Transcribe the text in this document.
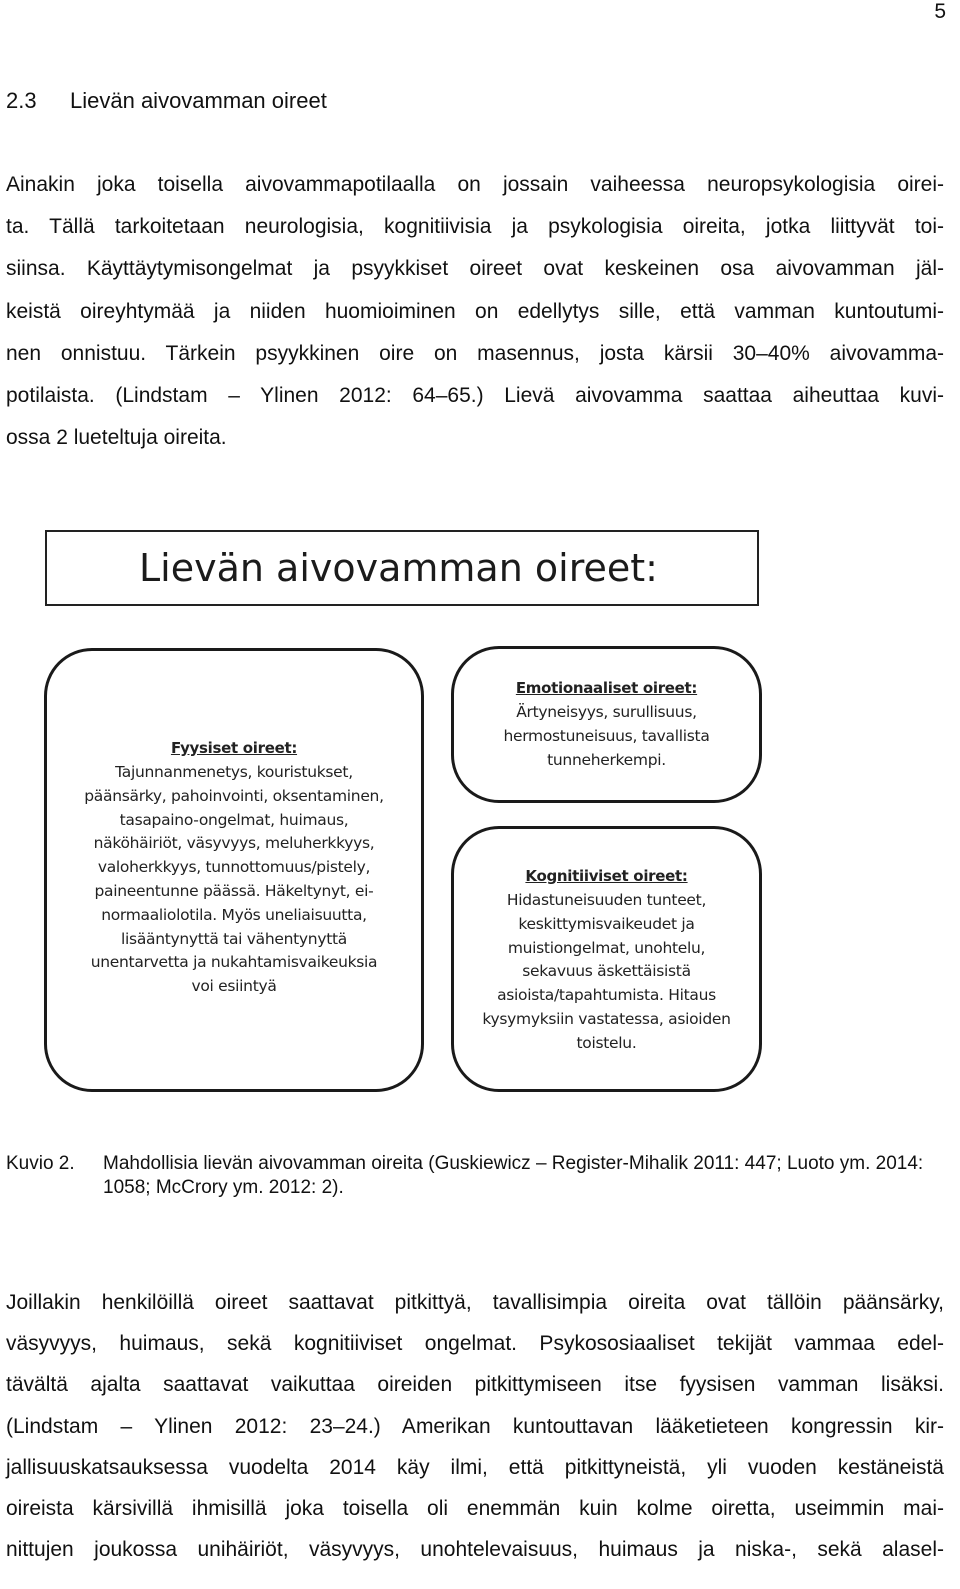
5
2.3 Lievän aivovamman oireet

Ainakin joka toisella aivovammapotilaalla on jossain vaiheessa neuropsykologisia oirei-
ta. Tällä tarkoitetaan neurologisia, kognitiivisia ja psykologisia oireita, jotka liittyvät toi-
siinsa. Käyttäytymisongelmat ja psyykkiset oireet ovat keskeinen osa aivovamman jäl-
keistä oireyhtymää ja niiden huomioiminen on edellytys sille, että vamman kuntoutumi-
nen onnistuu. Tärkein psyykkinen oire on masennus, josta kärsii 30–40% aivovamma-
potilaista. (Lindstam – Ylinen 2012: 64–65.) Lievä aivovamma saattaa aiheuttaa kuvi-
ossa 2 lueteltuja oireita.

Lievän aivovamman oireet:
Fyysiset oireet:
Tajunnanmenetys, kouristukset,
päänsärky, pahoinvointi, oksentaminen,
tasapaino-ongelmat, huimaus,
näköhäiriöt, väsyvyys, meluherkkyys,
valoherkkyys, tunnottomuus/pistely,
paineentunne päässä. Häkeltynyt, ei-
normaaliolotila. Myös uneliaisuutta,
lisääntynyttä tai vähentynyttä
unentarvetta ja nukahtamisvaikeuksia
voi esiintyä
Emotionaaliset oireet:
Ärtyneisyys, surullisuus,
hermostuneisuus, tavallista
tunneherkempi.
Kognitiiviset oireet:
Hidastuneisuuden tunteet,
keskittymisvaikeudet ja
muistiongelmat, unohtelu,
sekavuus äskettäisistä
asioista/tapahtumista. Hitaus
kysymyksiin vastatessa, asioiden
toistelu.
Kuvio 2. Mahdollisia lievän aivovamman oireita (Guskiewicz – Register-Mihalik 2011: 447; Luoto ym. 2014: 1058; McCrory ym. 2012: 2).

Joillakin henkilöillä oireet saattavat pitkittyä, tavallisimpia oireita ovat tällöin päänsärky,
väsyvyys, huimaus, sekä kognitiiviset ongelmat. Psykososiaaliset tekijät vammaa edel-
tävältä ajalta saattavat vaikuttaa oireiden pitkittymiseen itse fyysisen vamman lisäksi.
(Lindstam – Ylinen 2012: 23–24.) Amerikan kuntouttavan lääketieteen kongressin kir-
jallisuuskatsauksessa vuodelta 2014 käy ilmi, että pitkittyneistä, yli vuoden kestäneistä
oireista kärsivillä ihmisillä joka toisella oli enemmän kuin kolme oiretta, useimmin mai-
nittujen joukossa unihäiriöt, väsyvyys, unohtelevaisuus, huimaus ja niska-, sekä alasel-
